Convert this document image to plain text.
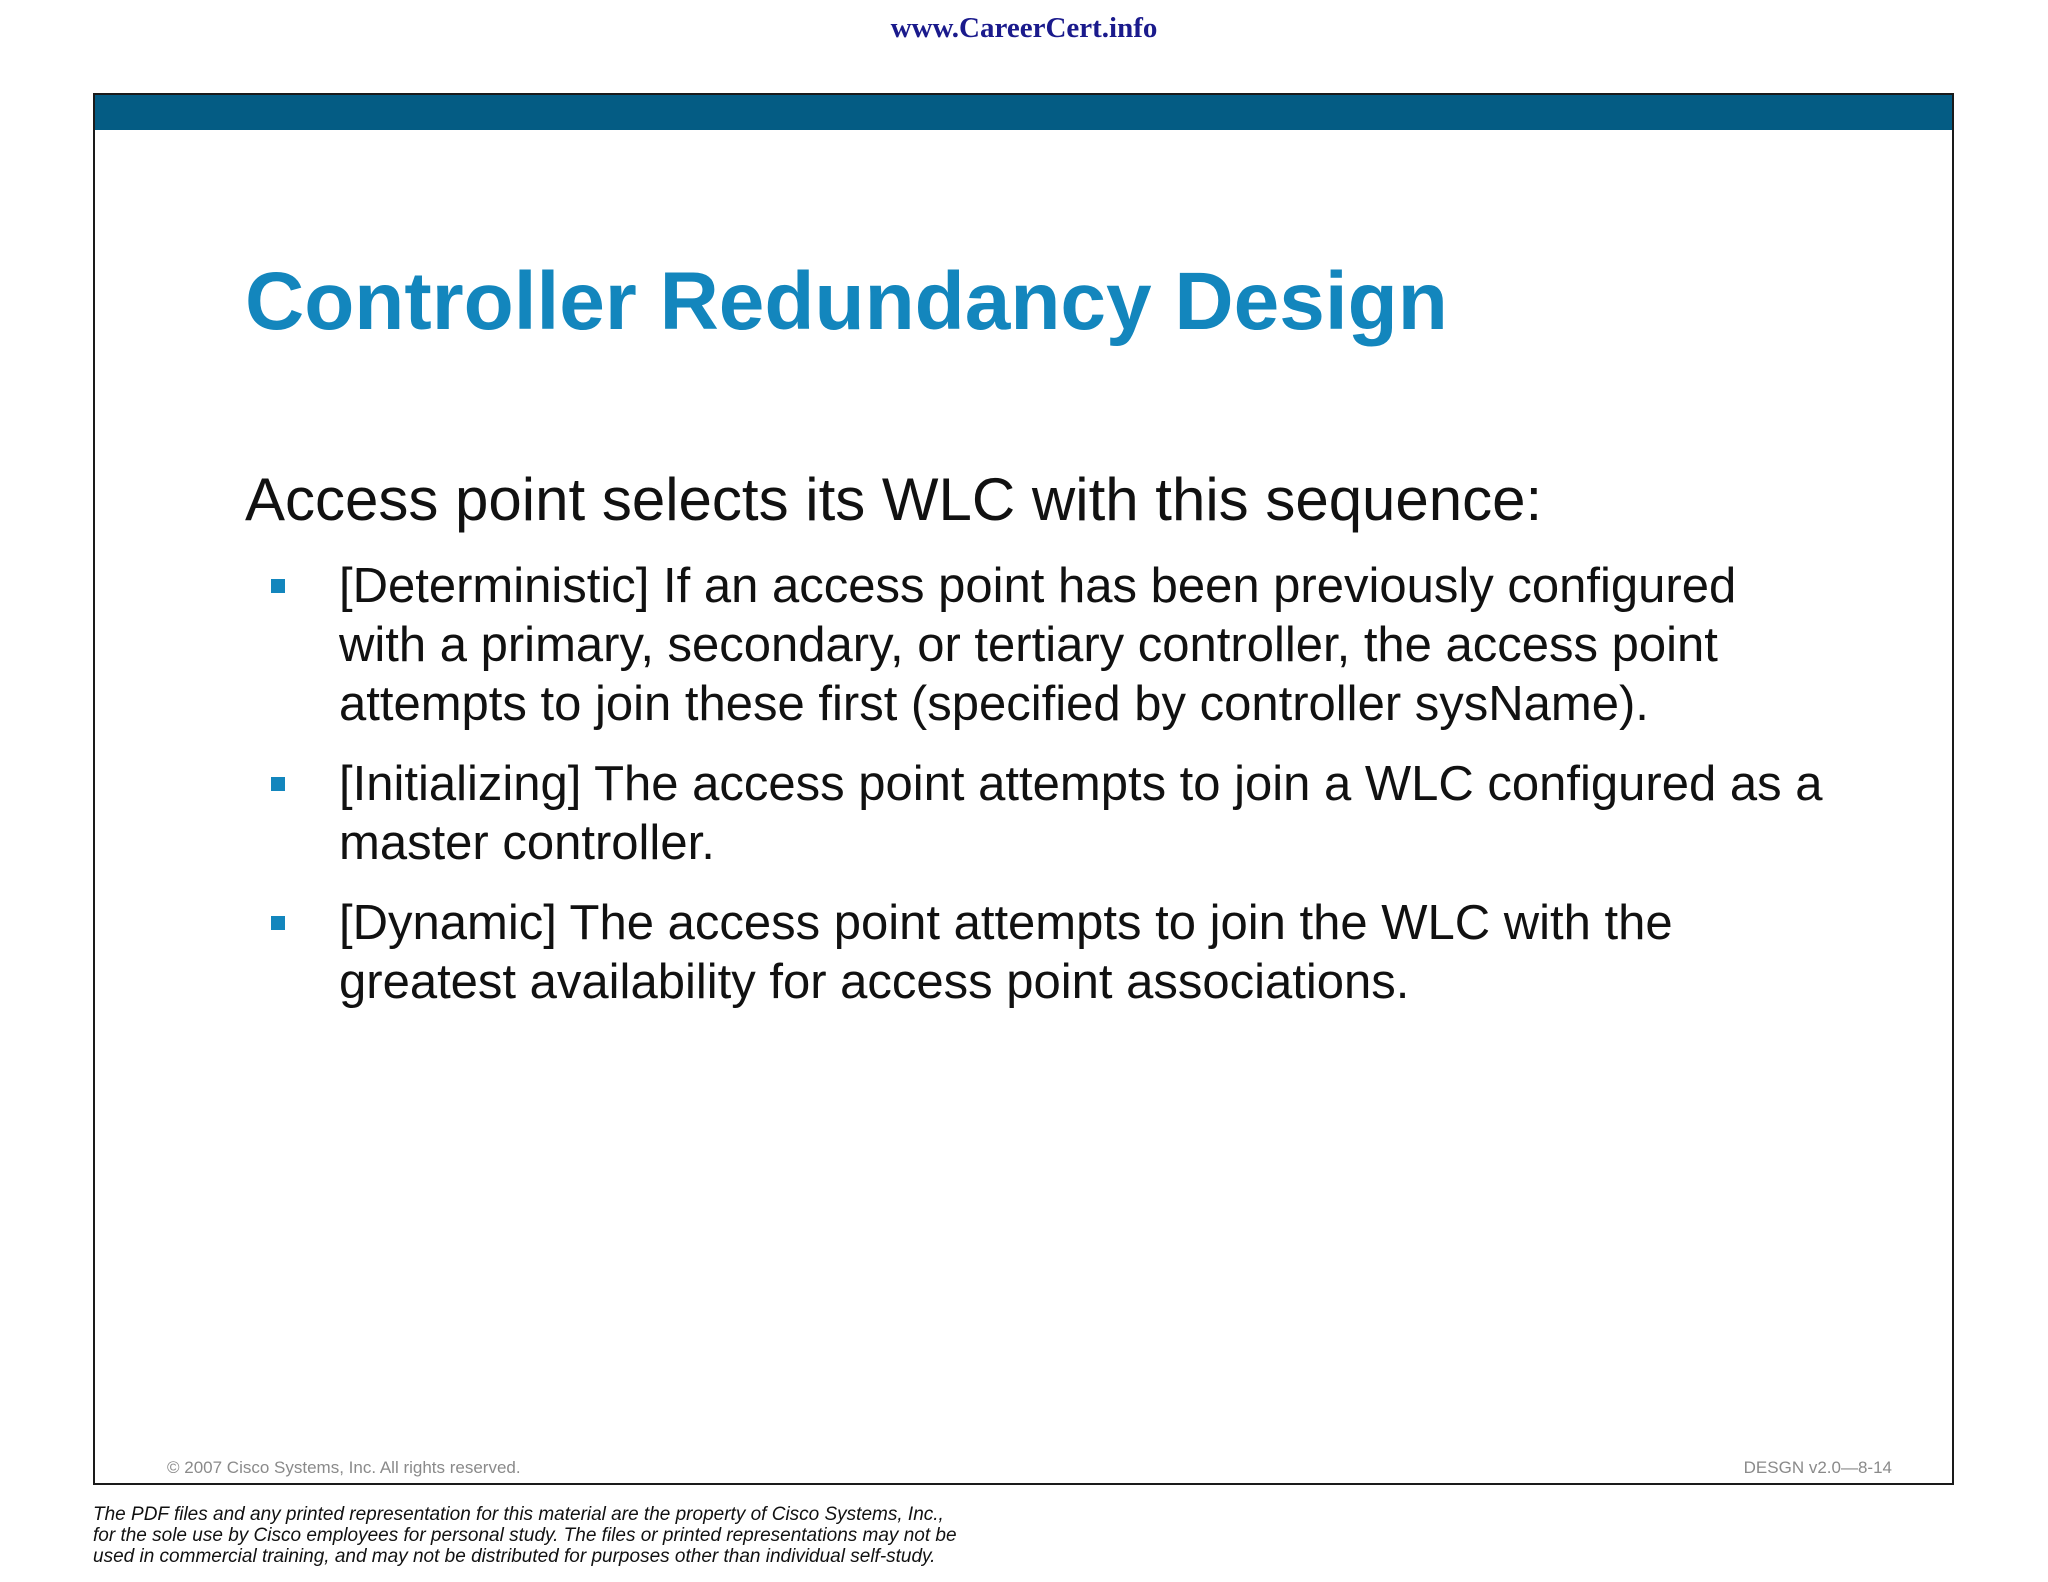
www.CareerCert.info
Controller Redundancy Design

Access point selects its WLC with this sequence:

[Deterministic] If an access point has been previously configured with a primary, secondary, or tertiary controller, the access point attempts to join these first (specified by controller sysName).
[Initializing] The access point attempts to join a WLC configured as a master controller.
[Dynamic] The access point attempts to join the WLC with the greatest availability for access point associations.
© 2007 Cisco Systems, Inc. All rights reserved.	DESGN v2.0—8-14
The PDF files and any printed representation for this material are the property of Cisco Systems, Inc.,
for the sole use by Cisco employees for personal study. The files or printed representations may not be
used in commercial training, and may not be distributed for purposes other than individual self-study.
